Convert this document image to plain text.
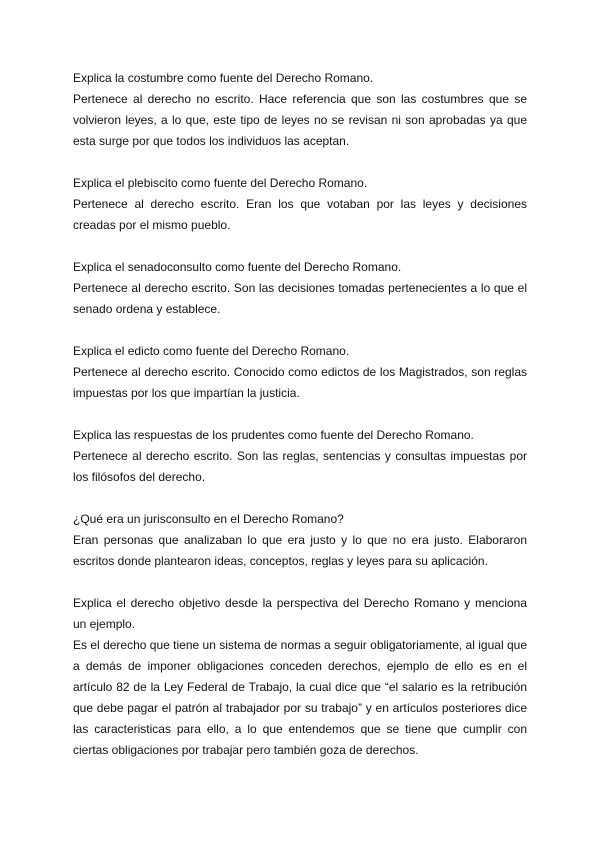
Explica la costumbre como fuente del Derecho Romano.
Pertenece al derecho no escrito. Hace referencia que son las costumbres que se volvieron leyes, a lo que, este tipo de leyes no se revisan ni son aprobadas ya que esta surge por que todos los individuos las aceptan.
Explica el plebiscito como fuente del Derecho Romano.
Pertenece al derecho escrito. Eran los que votaban por las leyes y decisiones creadas por el mismo pueblo.
Explica el senadoconsulto como fuente del Derecho Romano.
Pertenece al derecho escrito. Son las decisiones tomadas pertenecientes a lo que el senado ordena y establece.
Explica el edicto como fuente del Derecho Romano.
Pertenece al derecho escrito. Conocido como edictos de los Magistrados, son reglas impuestas por los que impartían la justicia.
Explica las respuestas de los prudentes como fuente del Derecho Romano.
Pertenece al derecho escrito. Son las reglas, sentencias y consultas impuestas por los filósofos del derecho.
¿Qué era un jurisconsulto en el Derecho Romano?
Eran personas que analizaban lo que era justo y lo que no era justo. Elaboraron escritos donde plantearon ideas, conceptos, reglas y leyes para su aplicación.
Explica el derecho objetivo desde la perspectiva del Derecho Romano y menciona un ejemplo.
Es el derecho que tiene un sistema de normas a seguir obligatoriamente, al igual que a demás de imponer obligaciones conceden derechos, ejemplo de ello es en el artículo 82 de la Ley Federal de Trabajo, la cual dice que “el salario es la retribución que debe pagar el patrón al trabajador por su trabajo” y en artículos posteriores dice las caracteristicas para ello, a lo que entendemos que se tiene que cumplir con ciertas obligaciones por trabajar pero también goza de derechos.
